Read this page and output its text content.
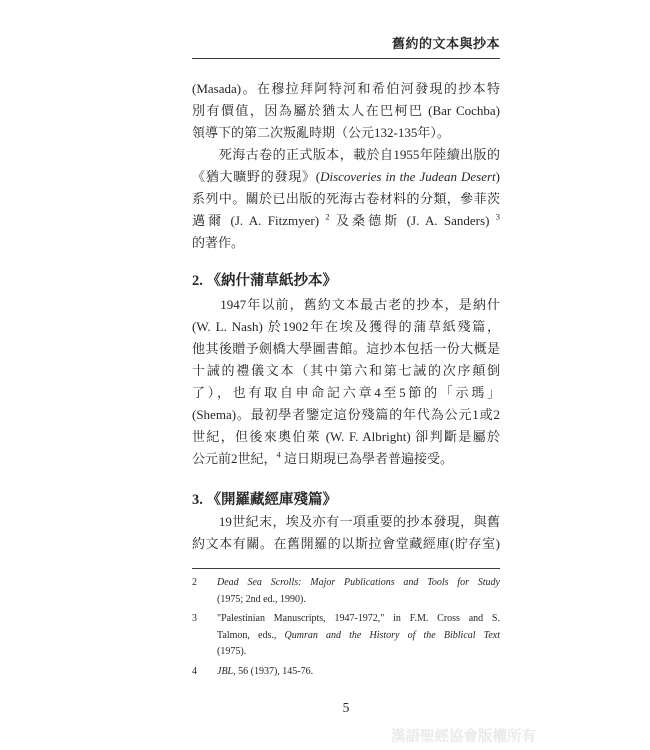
舊約的文本與抄本
(Masada)。在穆拉拜阿特河和希伯河發現的抄本特
別有價值，因為屬於猶太人在巴柯巴 (Bar Cochba)
領導下的第二次叛亂時期（公元132-135年）。
　　死海古卷的正式版本，載於自1955年陸續出版的
《猶大曠野的發現》(Discoveries in the Judean Desert)
系列中。關於已出版的死海古卷材料的分類，參菲茨
邁爾 (J. A. Fitzmyer) $^2$ 及桑德斯 (J. A. Sanders) $^3$
的著作。
2. 《納什蒲草紙抄本》
　　1947年以前，舊約文本最古老的抄本，是納什
(W. L. Nash) 於1902年在埃及獲得的蒲草紙殘篇，
他其後贈予劍橋大學圖書館。這抄本包括一份大概是
十誡的禮儀文本（其中第六和第七誡的次序顛倒
了），也有取自申命記六章4至5節的「示瑪」
(Shema)。最初學者鑒定這份殘篇的年代為公元1或2
世紀，但後來奧伯萊 (W. F. Albright) 卻判斷是屬於
公元前2世紀，$^4$ 這日期現已為學者普遍接受。
3. 《開羅藏經庫殘篇》
　　19世紀末，埃及亦有一項重要的抄本發現，與舊
約文本有關。在舊開羅的以斯拉會堂藏經庫(貯存室)
2	Dead Sea Scrolls: Major Publications and Tools for Study
(1975; 2nd ed., 1990).
3	"Palestinian Manuscripts, 1947-1972," in F.M. Cross and S.
Talmon, eds., Qumran and the History of the Biblical Text
(1975).
4	JBL, 56 (1937), 145-76.
5
漢語聖經協會版權所有
